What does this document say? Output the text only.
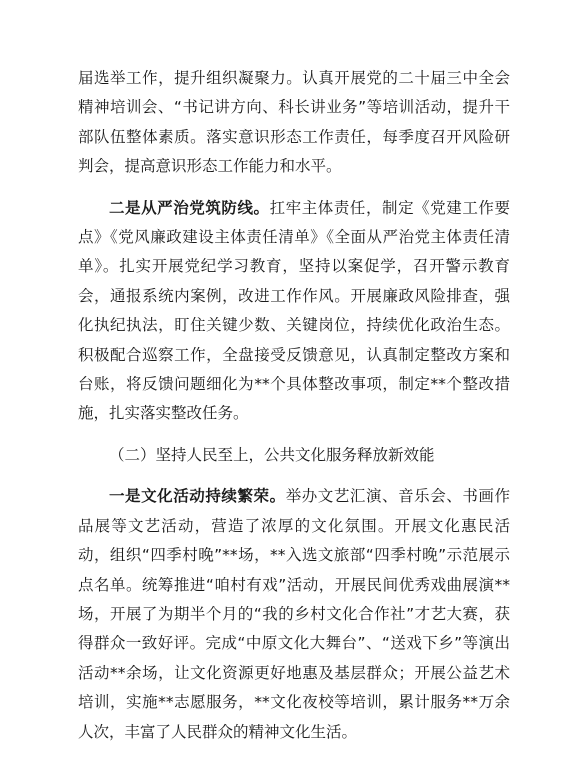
届选举工作，提升组织凝聚力。认真开展党的二十届三中全会精神培训会、“书记讲方向、科长讲业务”等培训活动，提升干部队伍整体素质。落实意识形态工作责任，每季度召开风险研判会，提高意识形态工作能力和水平。

二是从严治党筑防线。扛牢主体责任，制定《党建工作要点》《党风廉政建设主体责任清单》《全面从严治党主体责任清单》。扎实开展党纪学习教育，坚持以案促学，召开警示教育会，通报系统内案例，改进工作作风。开展廉政风险排查，强化执纪执法，盯住关键少数、关键岗位，持续优化政治生态。积极配合巡察工作，全盘接受反馈意见，认真制定整改方案和台账，将反馈问题细化为**个具体整改事项，制定**个整改措施，扎实落实整改任务。

（二）坚持人民至上，公共文化服务释放新效能

一是文化活动持续繁荣。举办文艺汇演、音乐会、书画作品展等文艺活动，营造了浓厚的文化氛围。开展文化惠民活动，组织“四季村晚”**场，**入选文旅部“四季村晚”示范展示点名单。统筹推进“咱村有戏”活动，开展民间优秀戏曲展演**场，开展了为期半个月的“我的乡村文化合作社”才艺大赛，获得群众一致好评。完成“中原文化大舞台”、“送戏下乡”等演出活动**余场，让文化资源更好地惠及基层群众；开展公益艺术培训，实施**志愿服务，**文化夜校等培训，累计服务**万余人次，丰富了人民群众的精神文化生活。
